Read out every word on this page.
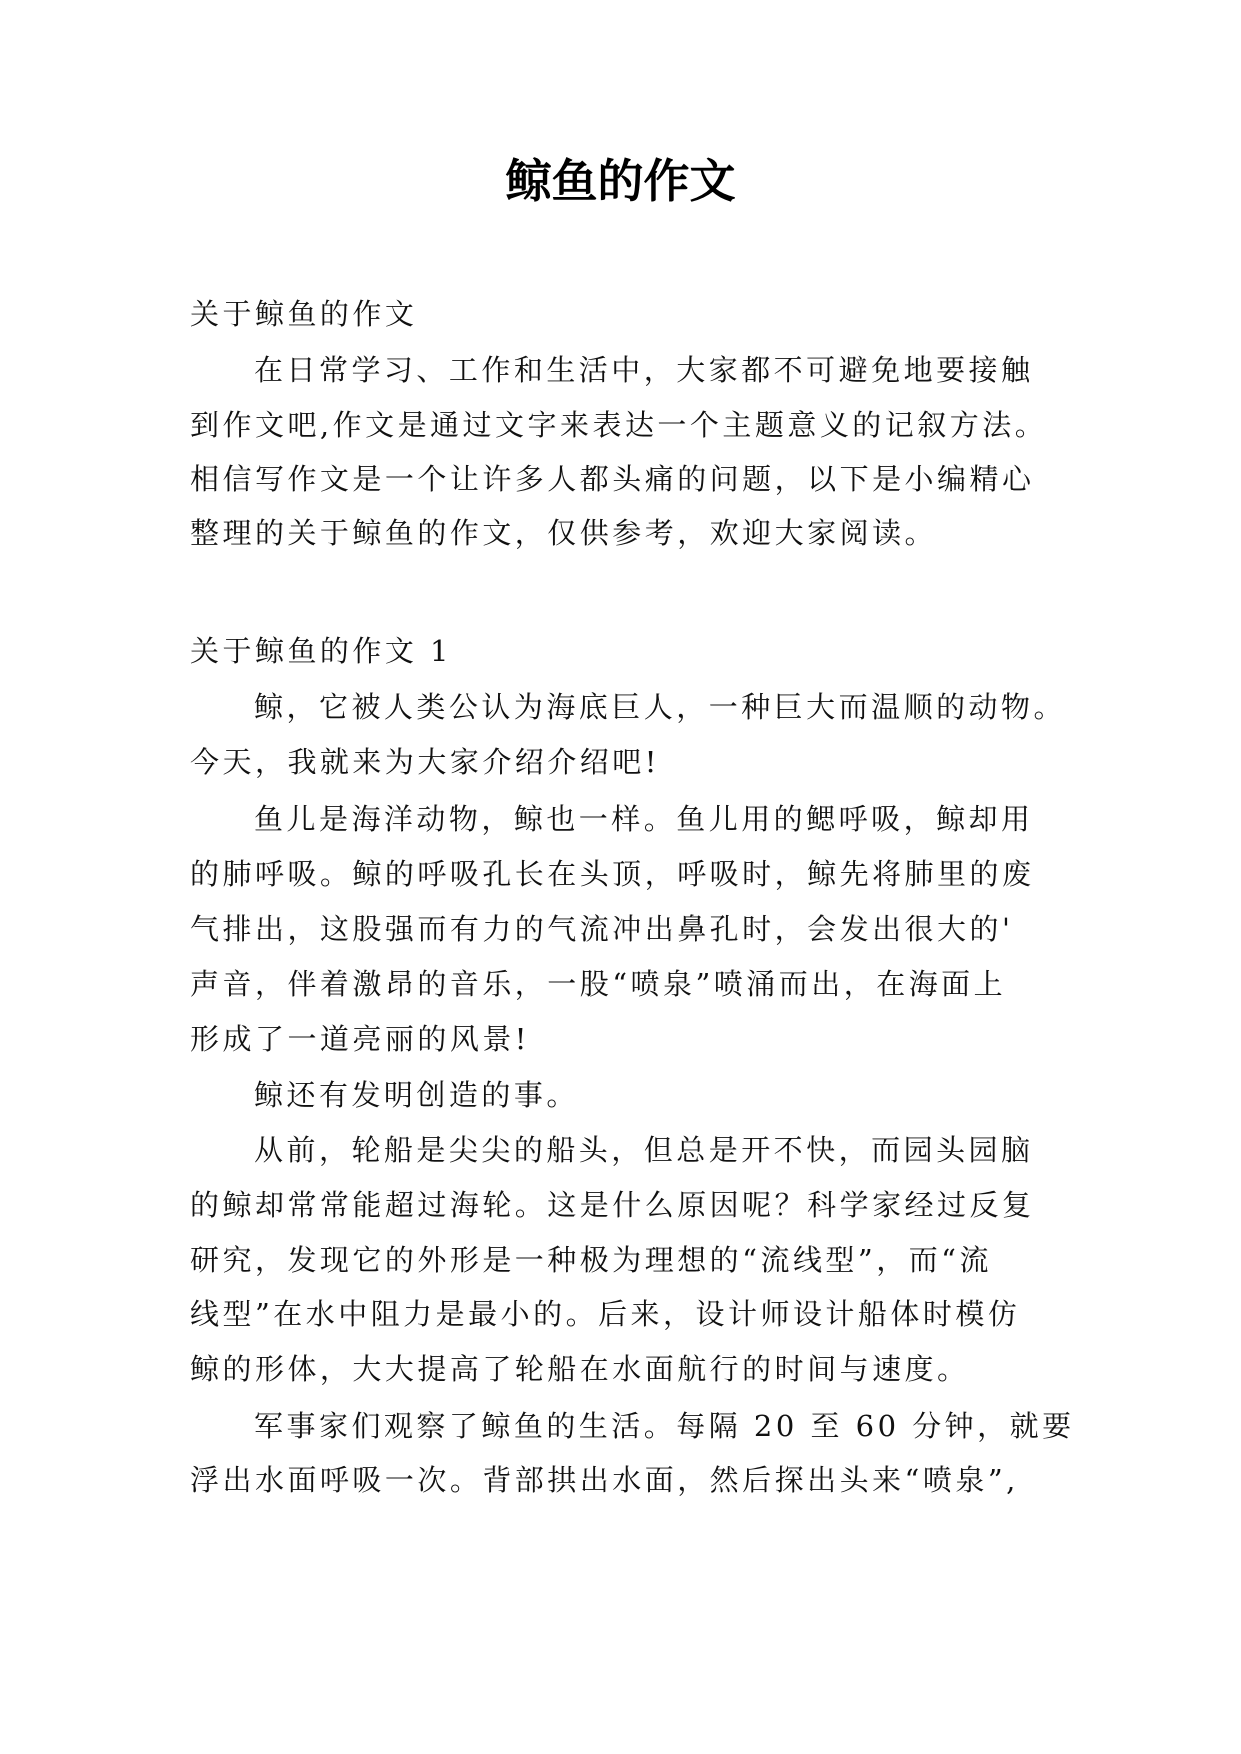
鲸鱼的作文

关于鲸鱼的作文

在日常学习、工作和生活中，大家都不可避免地要接触

到作文吧,作文是通过文字来表达一个主题意义的记叙方法。

相信写作文是一个让许多人都头痛的问题，以下是小编精心

整理的关于鲸鱼的作文，仅供参考，欢迎大家阅读。

关于鲸鱼的作文 1

鲸，它被人类公认为海底巨人，一种巨大而温顺的动物。

今天，我就来为大家介绍介绍吧!

鱼儿是海洋动物，鲸也一样。鱼儿用的鳃呼吸，鲸却用

的肺呼吸。鲸的呼吸孔长在头顶，呼吸时，鲸先将肺里的废

气排出，这股强而有力的气流冲出鼻孔时，会发出很大的'

声音，伴着激昂的音乐，一股“喷泉”喷涌而出，在海面上

形成了一道亮丽的风景!

鲸还有发明创造的事。

从前，轮船是尖尖的船头，但总是开不快，而园头园脑

的鲸却常常能超过海轮。这是什么原因呢？科学家经过反复

研究，发现它的外形是一种极为理想的“流线型”，而“流

线型”在水中阻力是最小的。后来，设计师设计船体时模仿

鲸的形体，大大提高了轮船在水面航行的时间与速度。

军事家们观察了鲸鱼的生活。每隔 20 至 60 分钟，就要

浮出水面呼吸一次。背部拱出水面，然后探出头来“喷泉”,
